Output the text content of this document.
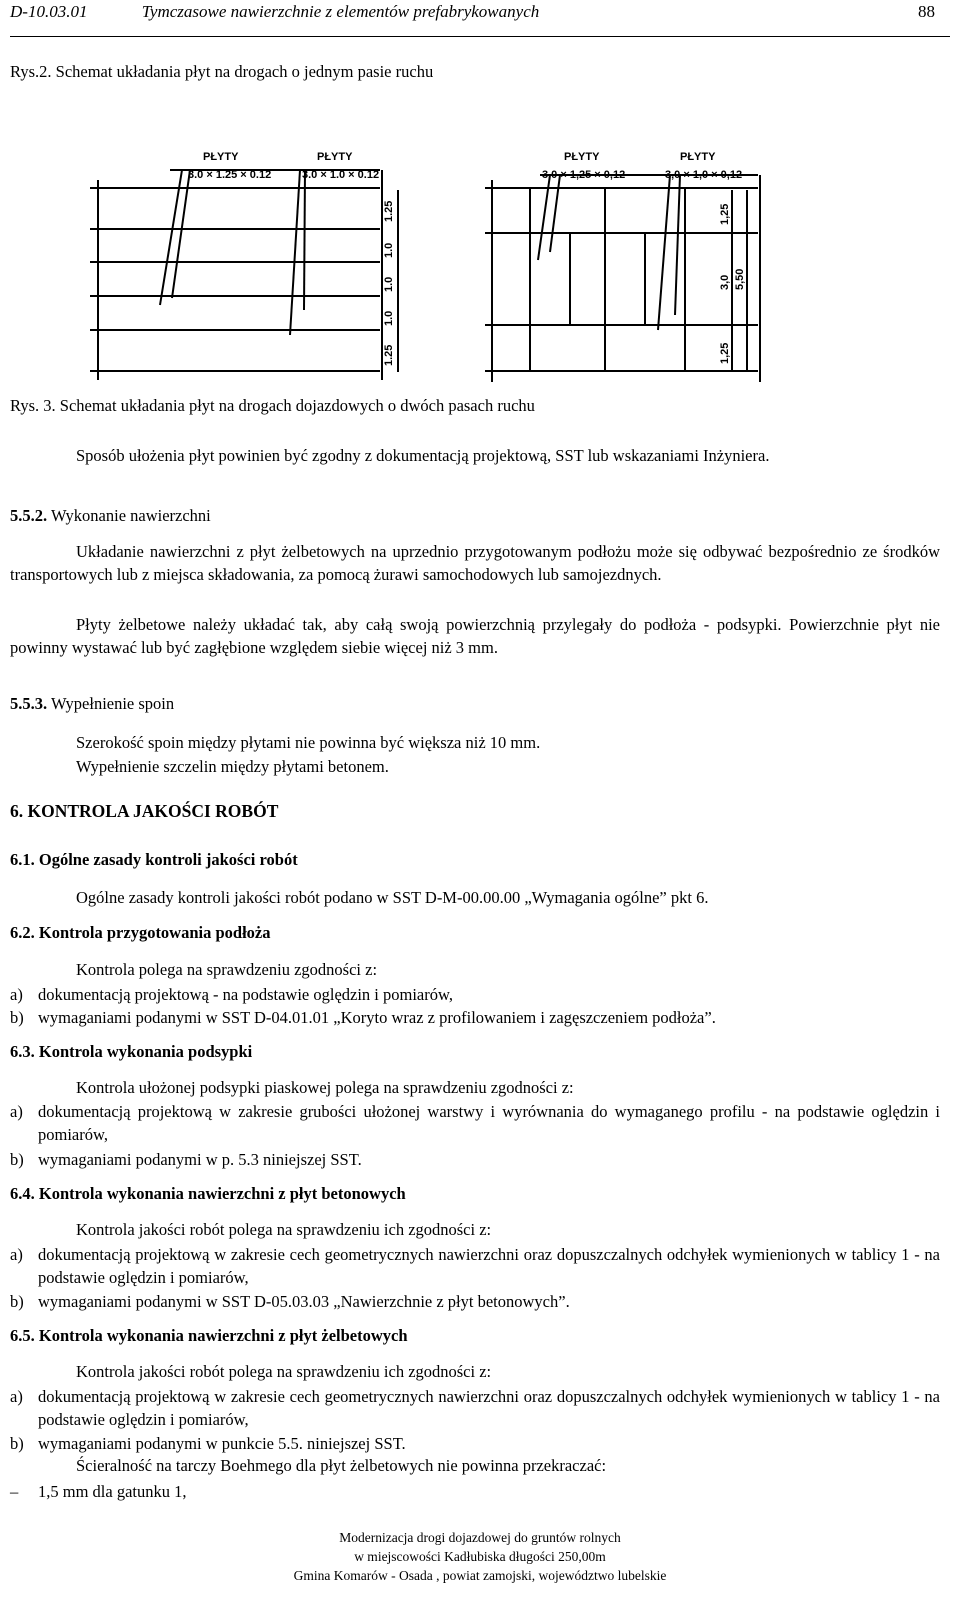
D-10.03.01	Tymczasowe nawierzchnie z elementów prefabrykowanych	88
Rys.2. Schemat układania płyt na drogach o jednym pasie ruchu
PŁYTY
3.0 × 1.25 × 0.12
PŁYTY
3.0 × 1.0 × 0.12
PŁYTY
3,0 × 1,25 × 0,12
PŁYTY
3,0 × 1,0 × 0,12
1.25
1.0
1.0
1.0
1.25
1,25
3,0 5,50
1,25
Rys. 3. Schemat układania płyt na drogach dojazdowych o dwóch pasach ruchu
Sposób ułożenia płyt powinien być zgodny z dokumentacją projektową, SST lub wskazaniami Inżyniera.
5.5.2. Wykonanie nawierzchni
Układanie nawierzchni z płyt żelbetowych na uprzednio przygotowanym podłożu może się odbywać bezpośrednio ze środków transportowych lub z miejsca składowania, za pomocą żurawi samochodowych lub samojezdnych.
Płyty żelbetowe należy układać tak, aby całą swoją powierzchnią przylegały do podłoża - podsypki. Powierzchnie płyt nie powinny wystawać lub być zagłębione względem siebie więcej niż 3 mm.
5.5.3. Wypełnienie spoin
Szerokość spoin między płytami nie powinna być większa niż 10 mm.
Wypełnienie szczelin między płytami betonem.
6. KONTROLA JAKOŚCI ROBÓT
6.1. Ogólne zasady kontroli jakości robót
Ogólne zasady kontroli jakości robót podano w SST D-M-00.00.00 „Wymagania ogólne” pkt 6.
6.2. Kontrola przygotowania podłoża
Kontrola polega na sprawdzeniu zgodności z:
a) dokumentacją projektową - na podstawie oględzin i pomiarów,
b) wymaganiami podanymi w SST D-04.01.01 „Koryto wraz z profilowaniem i zagęszczeniem podłoża”.
6.3. Kontrola wykonania podsypki
Kontrola ułożonej podsypki piaskowej polega na sprawdzeniu zgodności z:
a) dokumentacją projektową w zakresie grubości ułożonej warstwy i wyrównania do wymaganego profilu - na podstawie oględzin i pomiarów,
b) wymaganiami podanymi w p. 5.3 niniejszej SST.
6.4. Kontrola wykonania nawierzchni z płyt betonowych
Kontrola jakości robót polega na sprawdzeniu ich zgodności z:
a) dokumentacją projektową w zakresie cech geometrycznych nawierzchni oraz dopuszczalnych odchyłek wymienionych w tablicy 1 - na podstawie oględzin i pomiarów,
b) wymaganiami podanymi w SST D-05.03.03 „Nawierzchnie z płyt betonowych”.
6.5. Kontrola wykonania nawierzchni z płyt żelbetowych
Kontrola jakości robót polega na sprawdzeniu ich zgodności z:
a) dokumentacją projektową w zakresie cech geometrycznych nawierzchni oraz dopuszczalnych odchyłek wymienionych w tablicy 1 - na podstawie oględzin i pomiarów,
b) wymaganiami podanymi w punkcie 5.5. niniejszej SST.
Ścieralność na tarczy Boehmego dla płyt żelbetowych nie powinna przekraczać:
– 1,5 mm dla gatunku 1,
Modernizacja drogi dojazdowej do gruntów rolnych
w miejscowości Kadłubiska długości 250,00m
Gmina Komarów - Osada , powiat zamojski, województwo lubelskie
